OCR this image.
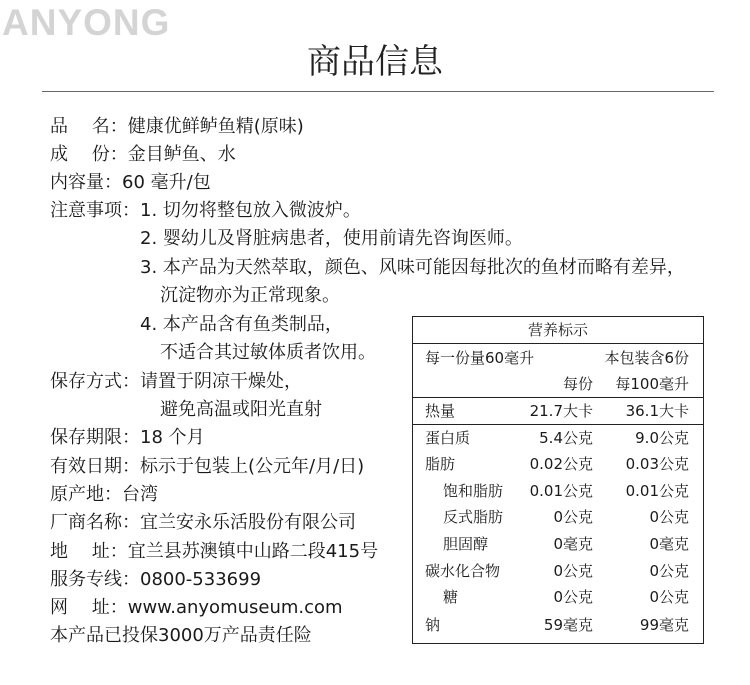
ANYONG
商品信息
品　 名：健康优鲜鲈鱼精(原味)
成　 份：金目鲈鱼、水
内容量：60 毫升/包
注意事项：1. 切勿将整包放入微波炉。
2. 婴幼儿及肾脏病患者，使用前请先咨询医师。
3. 本产品为天然萃取，颜色、风味可能因每批次的鱼材而略有差异，
沉淀物亦为正常现象。
4. 本产品含有鱼类制品，
不适合其过敏体质者饮用。
保存方式：请置于阴凉干燥处，
避免高温或阳光直射
保存期限：18 个月
有效日期：标示于包装上(公元年/月/日)
原产地：台湾
厂商名称：宜兰安永乐活股份有限公司
地　 址：宜兰县苏澳镇中山路二段415号
服务专线：0800-533699
网　 址：www.anyomuseum.com
本产品已投保3000万产品责任险
营养标示
每一份量60毫升	本包装含6份
每份 每100毫升
热量	21.7大卡 36.1大卡
蛋白质	5.4公克	9.0公克
脂肪	0.02公克 0.03公克
饱和脂肪 0.01公克 0.01公克
反式脂肪	0公克	0公克
胆固醇	0毫克	0毫克
碳水化合物	0公克	0公克
糖	0公克	0公克
钠	59毫克	99毫克
